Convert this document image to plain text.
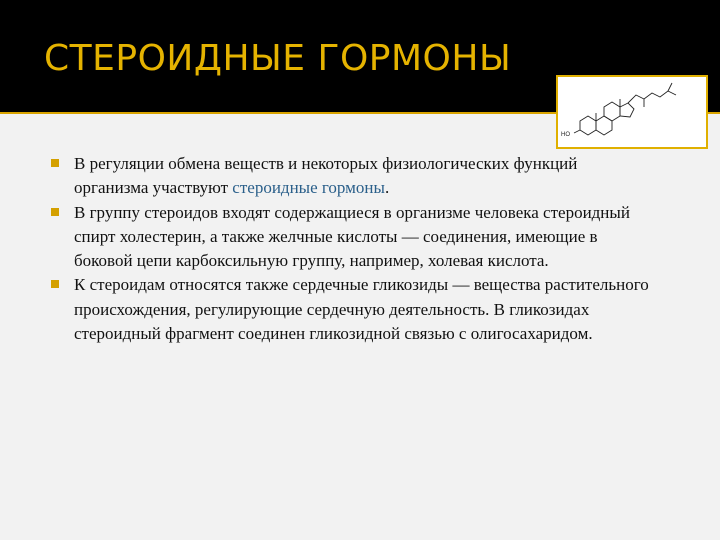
СТЕРОИДНЫЕ ГОРМОНЫ
HO
В регуляции обмена веществ и некоторых физиологических функций организма участвуют стероидные гормоны.
В группу стероидов входят содержащиеся в организме человека стероидный спирт холестерин, а также желчные кислоты — соединения, имеющие в боковой цепи карбоксильную группу, например, холевая кислота.
К стероидам относятся также сердечные гликозиды — вещества растительного происхождения, регулирующие сердечную деятельность. В гликозидах стероидный фрагмент соединен гликозидной связью с олигосахаридом.
